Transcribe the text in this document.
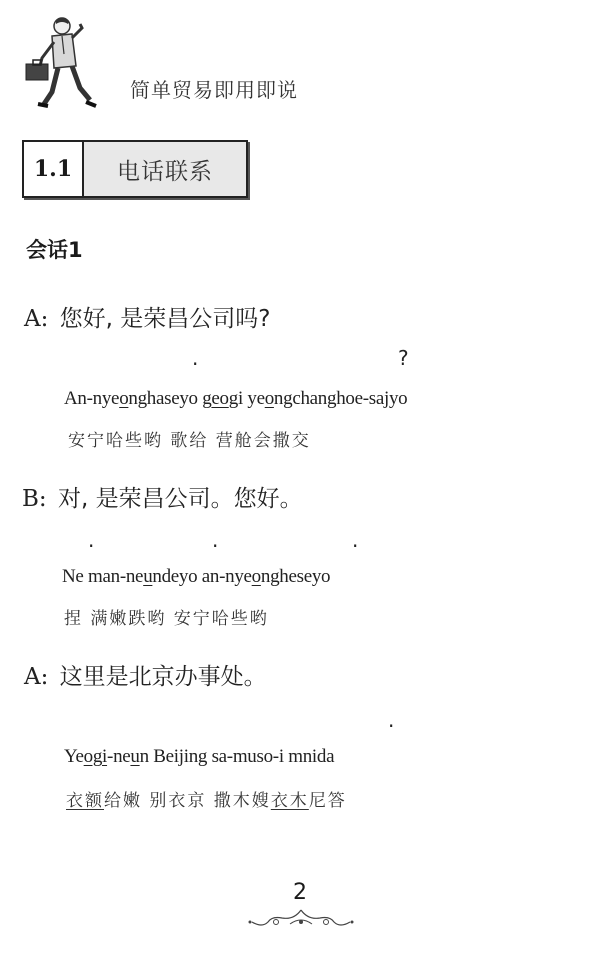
简单贸易即用即说
1.1	电话联系
会话1
A: 您好, 是荣昌公司吗?
.	?
An-nyeonghaseyo geogi yeongchanghoe-sajyo
安宁哈些哟 歌给 营舱会撒交
B: 对, 是荣昌公司。您好。
.	.	.
Ne man-neundeyo an-nyeongheseyo
捏 满嫩跌哟 安宁哈些哟
A: 这里是北京办事处。
.
Yeogi-neun Beijing sa-muso-i mnida
衣额给嫩 别衣京 撒木嫂衣木尼答
2
